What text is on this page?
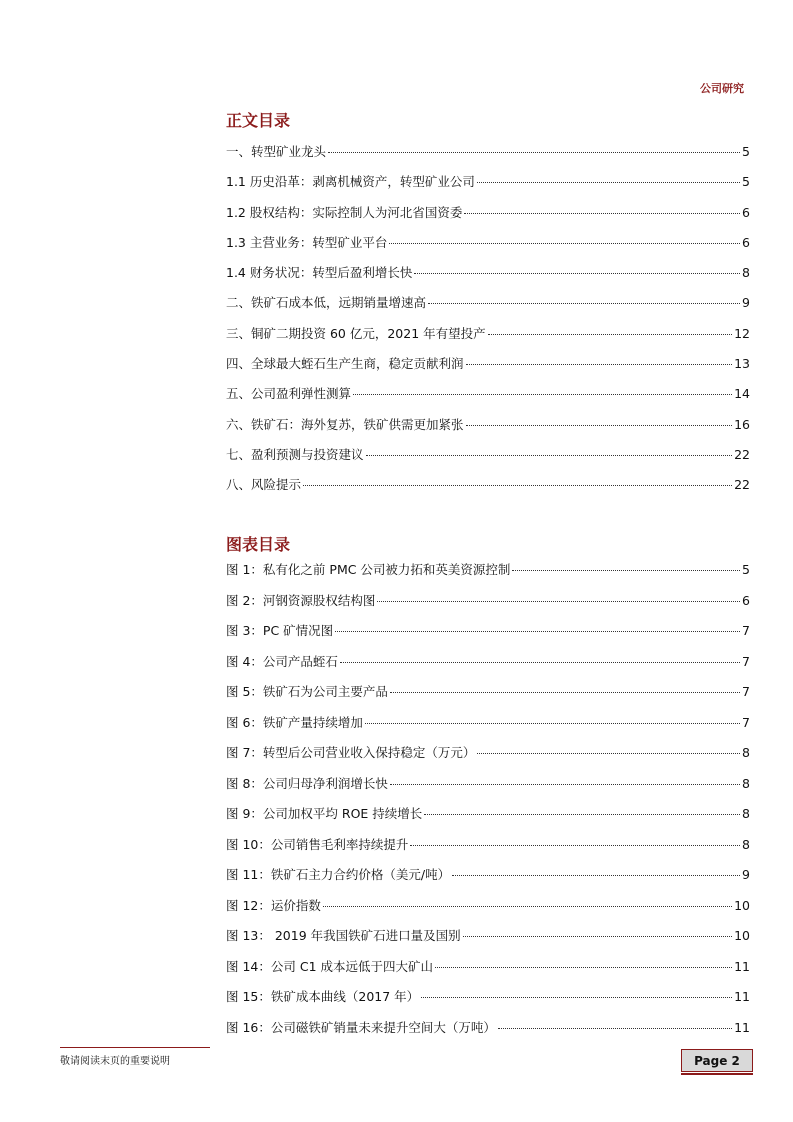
公司研究
正文目录
一、转型矿业龙头	5
1.1 历史沿革：剥离机械资产，转型矿业公司	5
1.2 股权结构：实际控制人为河北省国资委	6
1.3 主营业务：转型矿业平台	6
1.4 财务状况：转型后盈利增长快	8
二、铁矿石成本低，远期销量增速高	9
三、铜矿二期投资 60 亿元，2021 年有望投产	12
四、全球最大蛭石生产生商，稳定贡献利润	13
五、公司盈利弹性测算	14
六、铁矿石：海外复苏，铁矿供需更加紧张	16
七、盈利预测与投资建议	22
八、风险提示	22
图表目录
图 1：私有化之前 PMC 公司被力拓和英美资源控制	5
图 2：河钢资源股权结构图	6
图 3：PC 矿情况图	7
图 4：公司产品蛭石	7
图 5：铁矿石为公司主要产品	7
图 6：铁矿产量持续增加	7
图 7：转型后公司营业收入保持稳定（万元）	8
图 8：公司归母净利润增长快	8
图 9：公司加权平均 ROE 持续增长	8
图 10：公司销售毛利率持续提升	8
图 11：铁矿石主力合约价格（美元/吨）	9
图 12：运价指数	10
图 13： 2019 年我国铁矿石进口量及国别	10
图 14：公司 C1 成本远低于四大矿山	11
图 15：铁矿成本曲线（2017 年）	11
图 16：公司磁铁矿销量未来提升空间大（万吨）	11
敬请阅读末页的重要说明	Page 2
